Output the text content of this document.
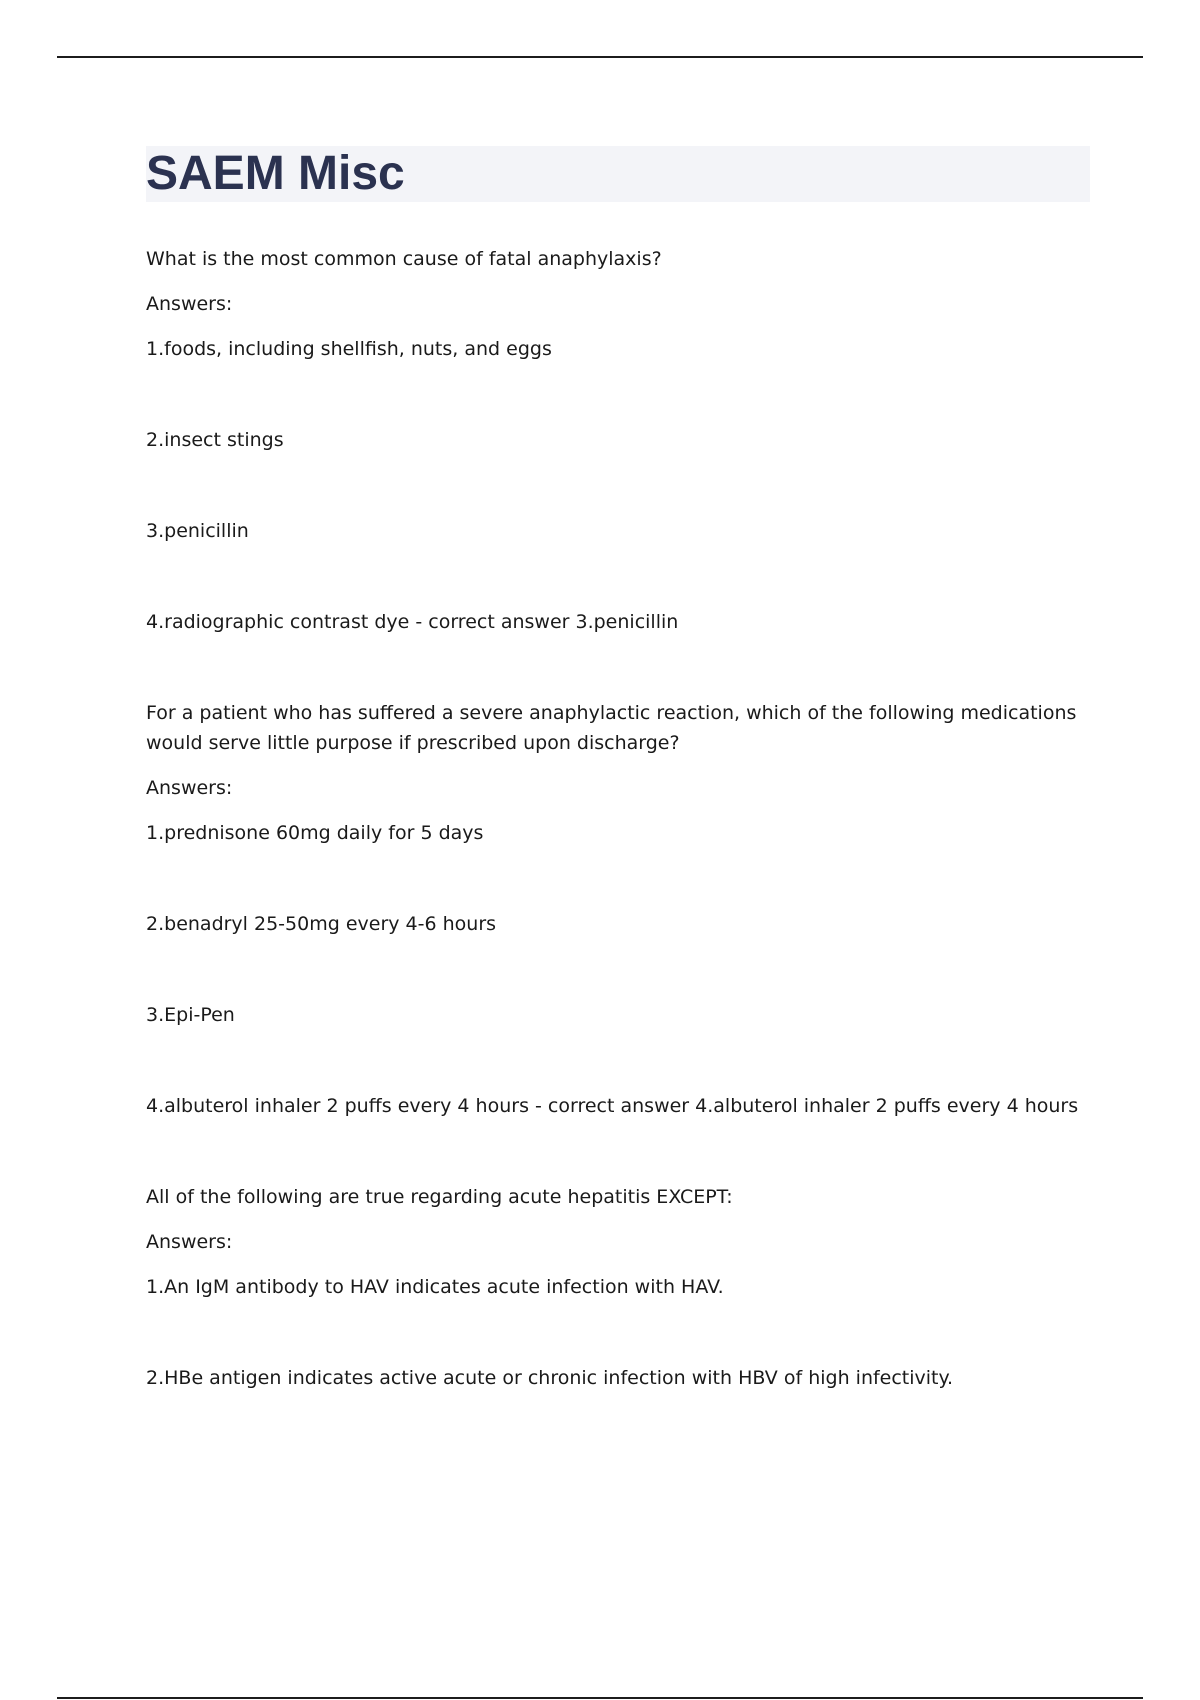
SAEM Misc

What is the most common cause of fatal anaphylaxis?

Answers:

1.foods, including shellfish, nuts, and eggs

2.insect stings

3.penicillin

4.radiographic contrast dye - correct answer 3.penicillin

For a patient who has suffered a severe anaphylactic reaction, which of the following medications would serve little purpose if prescribed upon discharge?

Answers:

1.prednisone 60mg daily for 5 days

2.benadryl 25-50mg every 4-6 hours

3.Epi-Pen

4.albuterol inhaler 2 puffs every 4 hours - correct answer 4.albuterol inhaler 2 puffs every 4 hours

All of the following are true regarding acute hepatitis EXCEPT:

Answers:

1.An IgM antibody to HAV indicates acute infection with HAV.

2.HBe antigen indicates active acute or chronic infection with HBV of high infectivity.
